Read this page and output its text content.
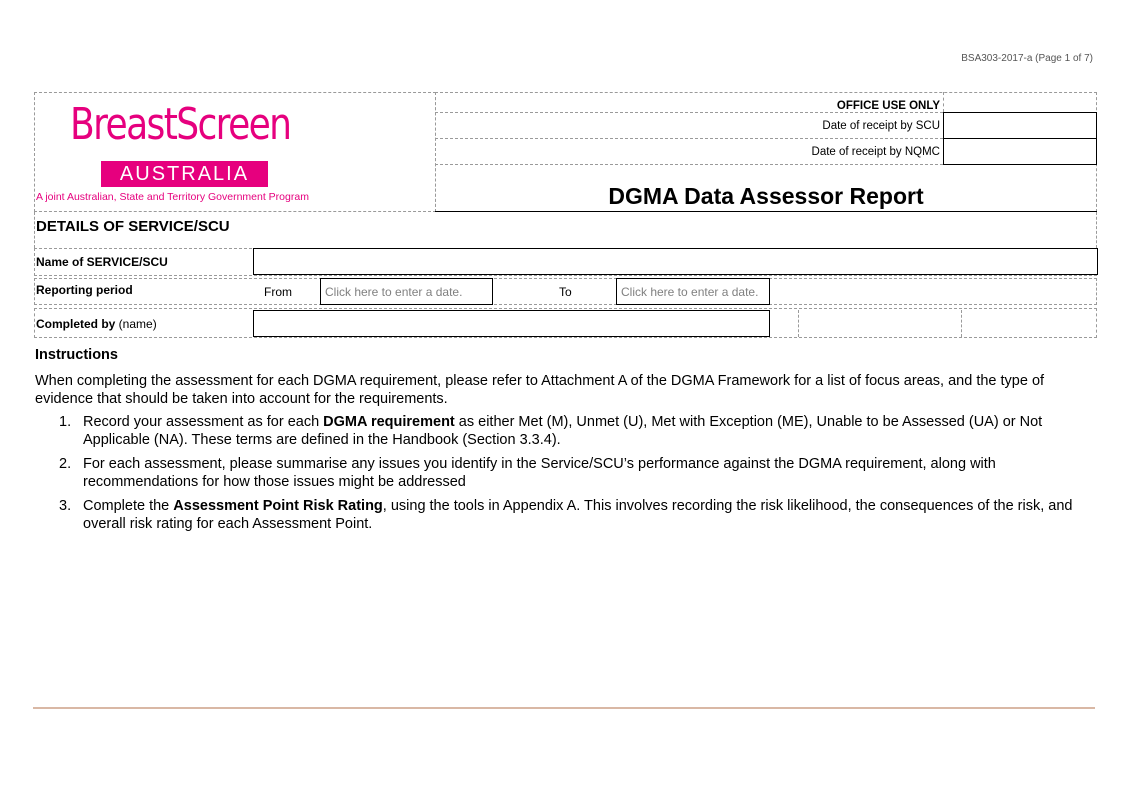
BSA303-2017-a (Page 1 of 7)
BreastScreen
AUSTRALIA
A joint Australian, State and Territory Government Program
OFFICE USE ONLY
Date of receipt by SCU
Date of receipt by NQMC
DGMA Data Assessor Report
DETAILS OF SERVICE/SCU
Name of SERVICE/SCU
Reporting period	From	Click here to enter a date.	To	Click here to enter a date.
Completed by (name)
Instructions
When completing the assessment for each DGMA requirement, please refer to Attachment A of the DGMA Framework for a list of focus areas, and the type of evidence that should be taken into account for the requirements.
1. Record your assessment as for each DGMA requirement as either Met (M), Unmet (U), Met with Exception (ME), Unable to be Assessed (UA) or Not Applicable (NA). These terms are defined in the Handbook (Section 3.3.4).
2. For each assessment, please summarise any issues you identify in the Service/SCU’s performance against the DGMA requirement, along with recommendations for how those issues might be addressed
3. Complete the Assessment Point Risk Rating, using the tools in Appendix A. This involves recording the risk likelihood, the consequences of the risk, and overall risk rating for each Assessment Point.
